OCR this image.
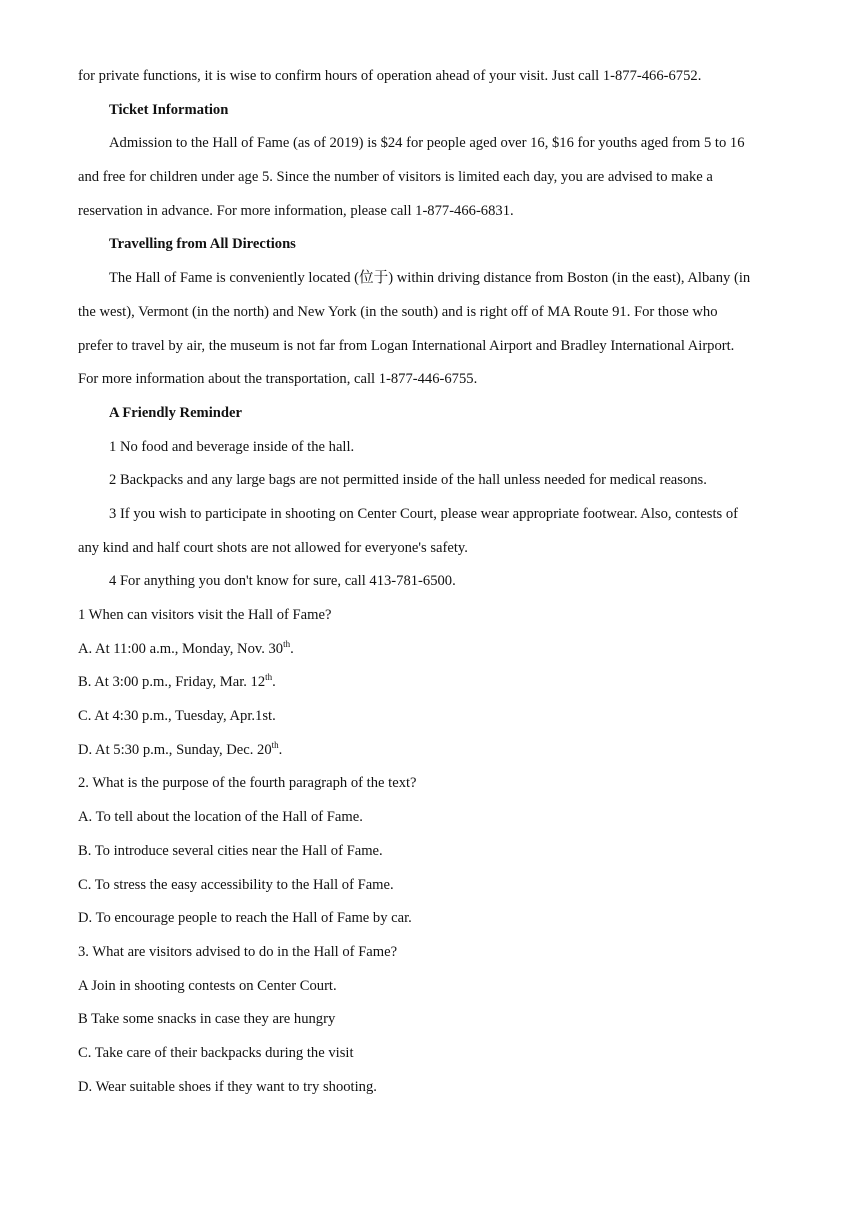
for private functions, it is wise to confirm hours of operation ahead of your visit. Just call 1-877-466-6752.

Ticket Information

Admission to the Hall of Fame (as of 2019) is $24 for people aged over 16, $16 for youths aged from 5 to 16

and free for children under age 5. Since the number of visitors is limited each day, you are advised to make a

reservation in advance. For more information, please call 1-877-466-6831.

Travelling from All Directions

The Hall of Fame is conveniently located (位于) within driving distance from Boston (in the east), Albany (in

the west), Vermont (in the north) and New York (in the south) and is right off of MA Route 91. For those who

prefer to travel by air, the museum is not far from Logan International Airport and Bradley International Airport.

For more information about the transportation, call 1-877-446-6755.

A Friendly Reminder

1 No food and beverage inside of the hall.

2 Backpacks and any large bags are not permitted inside of the hall unless needed for medical reasons.

3 If you wish to participate in shooting on Center Court, please wear appropriate footwear. Also, contests of

any kind and half court shots are not allowed for everyone's safety.

4 For anything you don't know for sure, call 413-781-6500.

1 When can visitors visit the Hall of Fame?

A. At 11:00 a.m., Monday, Nov. 30th.

B. At 3:00 p.m., Friday, Mar. 12th.

C. At 4:30 p.m., Tuesday, Apr.1st.

D. At 5:30 p.m., Sunday, Dec. 20th.

2. What is the purpose of the fourth paragraph of the text?

A. To tell about the location of the Hall of Fame.

B. To introduce several cities near the Hall of Fame.

C. To stress the easy accessibility to the Hall of Fame.

D. To encourage people to reach the Hall of Fame by car.

3. What are visitors advised to do in the Hall of Fame?

A Join in shooting contests on Center Court.

B Take some snacks in case they are hungry

C. Take care of their backpacks during the visit

D. Wear suitable shoes if they want to try shooting.
